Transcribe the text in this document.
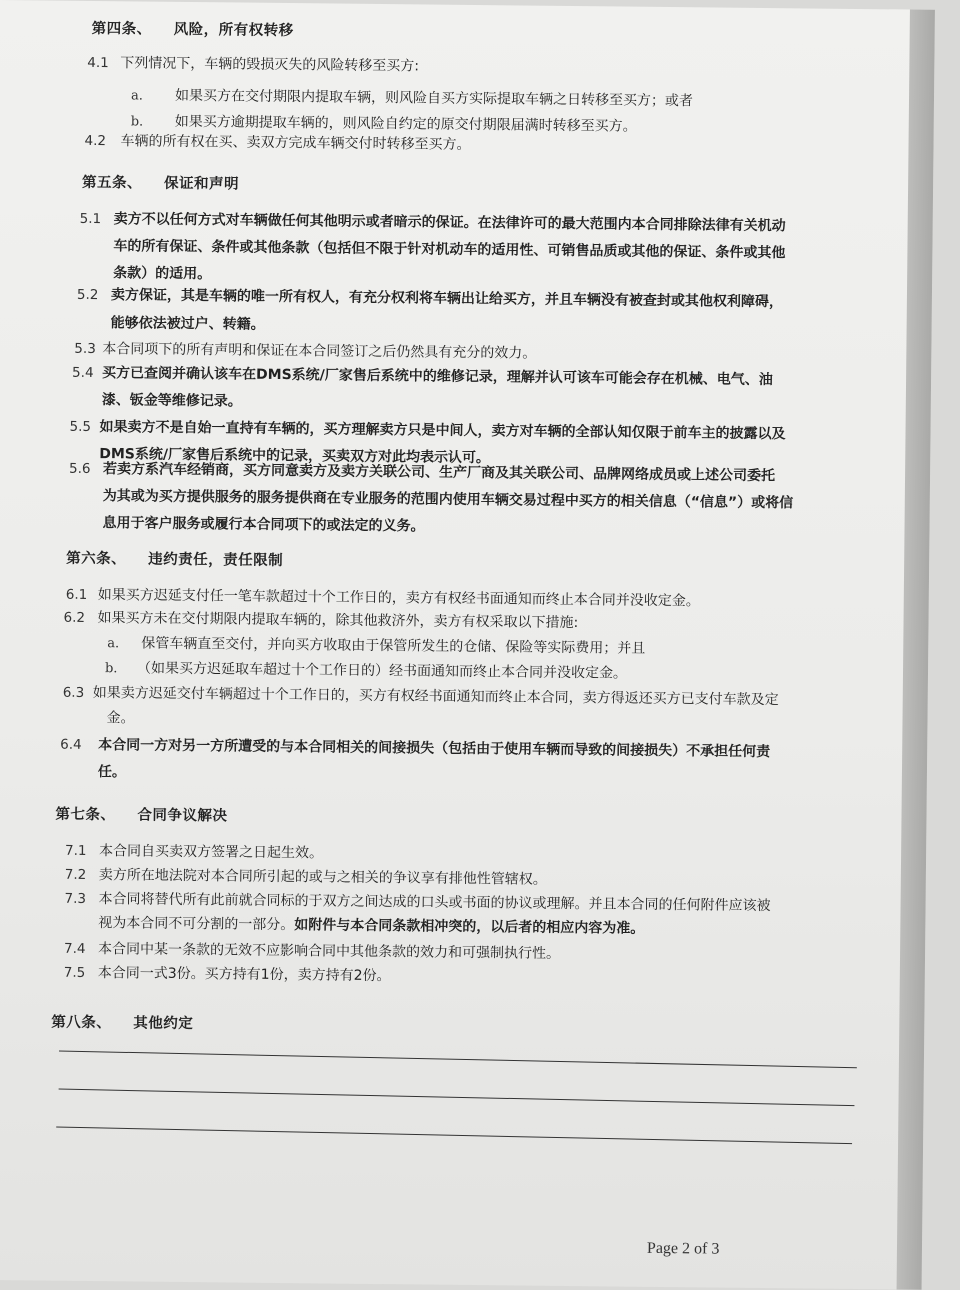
第四条、 风险，所有权转移
4.1 下列情况下，车辆的毁损灭失的风险转移至买方:
a. 如果买方在交付期限内提取车辆，则风险自买方实际提取车辆之日转移至买方；或者
b. 如果买方逾期提取车辆的，则风险自约定的原交付期限届满时转移至买方。
4.2 车辆的所有权在买、卖双方完成车辆交付时转移至买方。
第五条、 保证和声明
5.1 卖方不以任何方式对车辆做任何其他明示或者暗示的保证。在法律许可的最大范围内本合同排除法律有关机动
车的所有保证、条件或其他条款（包括但不限于针对机动车的适用性、可销售品质或其他的保证、条件或其他
条款）的适用。
5.2 卖方保证，其是车辆的唯一所有权人，有充分权利将车辆出让给买方，并且车辆没有被查封或其他权利障碍，
能够依法被过户、转籍。
5.3 本合同项下的所有声明和保证在本合同签订之后仍然具有充分的效力。
5.4 买方已查阅并确认该车在DMS系统/厂家售后系统中的维修记录，理解并认可该车可能会存在机械、电气、油
漆、钣金等维修记录。
5.5 如果卖方不是自始一直持有车辆的，买方理解卖方只是中间人，卖方对车辆的全部认知仅限于前车主的披露以及
DMS系统/厂家售后系统中的记录，买卖双方对此均表示认可。
5.6 若卖方系汽车经销商，买方同意卖方及卖方关联公司、生产厂商及其关联公司、品牌网络成员或上述公司委托
为其或为买方提供服务的服务提供商在专业服务的范围内使用车辆交易过程中买方的相关信息（“信息”）或将信
息用于客户服务或履行本合同项下的或法定的义务。
第六条、 违约责任，责任限制
6.1 如果买方迟延支付任一笔车款超过十个工作日的，卖方有权经书面通知而终止本合同并没收定金。
6.2 如果买方未在交付期限内提取车辆的，除其他救济外，卖方有权采取以下措施:
a. 保管车辆直至交付，并向买方收取由于保管所发生的仓储、保险等实际费用；并且
b. （如果买方迟延取车超过十个工作日的）经书面通知而终止本合同并没收定金。
6.3 如果卖方迟延交付车辆超过十个工作日的，买方有权经书面通知而终止本合同，卖方得返还买方已支付车款及定
金。
6.4 本合同一方对另一方所遭受的与本合同相关的间接损失（包括由于使用车辆而导致的间接损失）不承担任何责
任。
第七条、 合同争议解决
7.1 本合同自买卖双方签署之日起生效。
7.2 卖方所在地法院对本合同所引起的或与之相关的争议享有排他性管辖权。
7.3 本合同将替代所有此前就合同标的于双方之间达成的口头或书面的协议或理解。并且本合同的任何附件应该被
视为本合同不可分割的一部分。如附件与本合同条款相冲突的，以后者的相应内容为准。
7.4 本合同中某一条款的无效不应影响合同中其他条款的效力和可强制执行性。
7.5 本合同一式3份。买方持有1份，卖方持有2份。
第八条、 其他约定
Page 2 of 3
